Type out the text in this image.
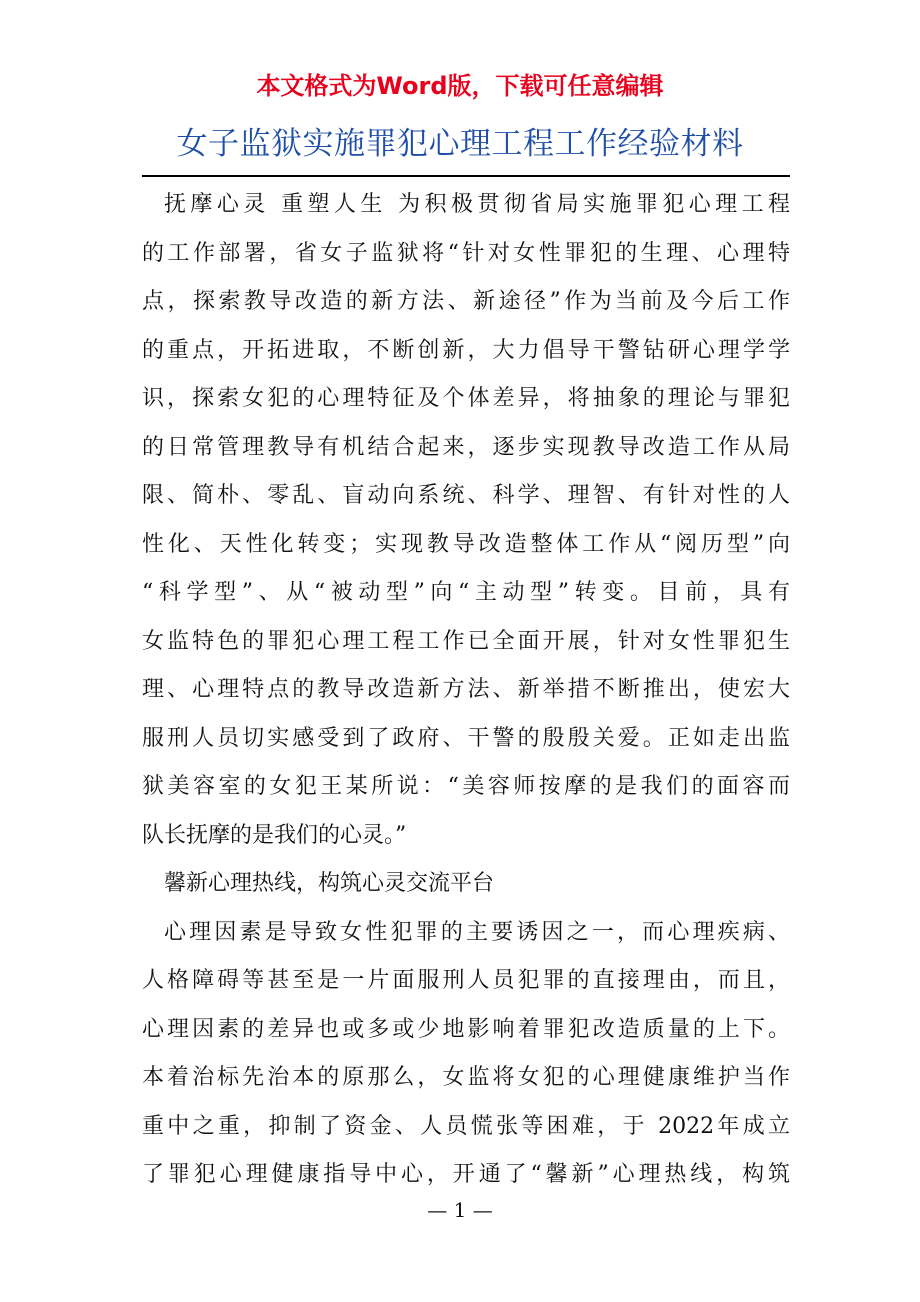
本文格式为Word版，下载可任意编辑
女子监狱实施罪犯心理工程工作经验材料
抚摩心灵 重塑人生 为积极贯彻省局实施罪犯心理工程
的工作部署，省女子监狱将“针对女性罪犯的生理、心理特
点，探索教导改造的新方法、新途径”作为当前及今后工作
的重点，开拓进取，不断创新，大力倡导干警钻研心理学学
识，探索女犯的心理特征及个体差异，将抽象的理论与罪犯
的日常管理教导有机结合起来，逐步实现教导改造工作从局
限、简朴、零乱、盲动向系统、科学、理智、有针对性的人
性化、天性化转变；实现教导改造整体工作从“阅历型”向
“科学型”、从“被动型”向“主动型”转变。目前，具有
女监特色的罪犯心理工程工作已全面开展，针对女性罪犯生
理、心理特点的教导改造新方法、新举措不断推出，使宏大
服刑人员切实感受到了政府、干警的殷殷关爱。正如走出监
狱美容室的女犯王某所说：“美容师按摩的是我们的面容而
队长抚摩的是我们的心灵。”
馨新心理热线，构筑心灵交流平台
心理因素是导致女性犯罪的主要诱因之一，而心理疾病、
人格障碍等甚至是一片面服刑人员犯罪的直接理由，而且，
心理因素的差异也或多或少地影响着罪犯改造质量的上下。
本着治标先治本的原那么，女监将女犯的心理健康维护当作
重中之重，抑制了资金、人员慌张等困难，于 2022年成立
了罪犯心理健康指导中心，开通了“馨新”心理热线，构筑
— 1 —
